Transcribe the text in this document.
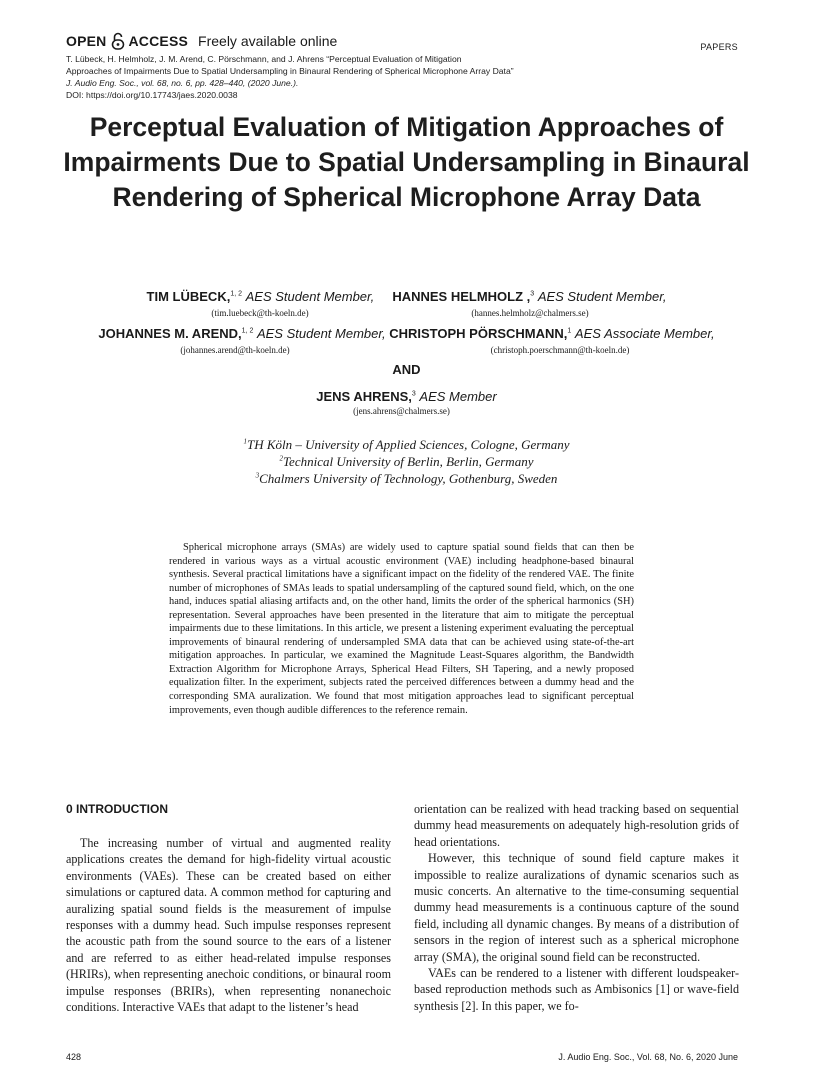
OPEN ACCESS Freely available online	PAPERS
T. Lübeck, H. Helmholz, J. M. Arend, C. Pörschmann, and J. Ahrens “Perceptual Evaluation of Mitigation
Approaches of Impairments Due to Spatial Undersampling in Binaural Rendering of Spherical Microphone Array Data”
J. Audio Eng. Soc., vol. 68, no. 6, pp. 428–440, (2020 June.).
DOI: https://doi.org/10.17743/jaes.2020.0038
Perceptual Evaluation of Mitigation Approaches of Impairments Due to Spatial Undersampling in Binaural Rendering of Spherical Microphone Array Data
TIM LÜBECK,$^{1, 2}$ AES Student Member, HANNES HELMHOLZ ,$^3$ AES Student Member,
(tim.luebeck@th-koeln.de)	(hannes.helmholz@chalmers.se)
JOHANNES M. AREND,$^{1, 2}$ AES Student Member, CHRISTOPH PÖRSCHMANN,$^1$ AES Associate Member,
(johannes.arend@th-koeln.de)	(christoph.poerschmann@th-koeln.de)
AND
JENS AHRENS,$^3$ AES Member
(jens.ahrens@chalmers.se)
$^1$TH Köln – University of Applied Sciences, Cologne, Germany
$^2$Technical University of Berlin, Berlin, Germany
$^3$Chalmers University of Technology, Gothenburg, Sweden

Spherical microphone arrays (SMAs) are widely used to capture spatial sound fields that can then be rendered in various ways as a virtual acoustic environment (VAE) including headphone-based binaural synthesis. Several practical limitations have a significant impact on the fidelity of the rendered VAE. The finite number of microphones of SMAs leads to spatial undersampling of the captured sound field, which, on the one hand, induces spatial aliasing artifacts and, on the other hand, limits the order of the spherical harmonics (SH) representation. Several approaches have been presented in the literature that aim to mitigate the perceptual impairments due to these limitations. In this article, we present a listening experiment evaluating the perceptual improvements of binaural rendering of undersampled SMA data that can be achieved using state-of-the-art mitigation approaches. In particular, we examined the Magnitude Least-Squares algorithm, the Bandwidth Extraction Algorithm for Microphone Arrays, Spherical Head Filters, SH Tapering, and a newly proposed equalization filter. In the experiment, subjects rated the perceived differences between a dummy head and the corresponding SMA auralization. We found that most mitigation approaches lead to significant perceptual improvements, even though audible differences to the reference remain.

0 INTRODUCTION

The increasing number of virtual and augmented reality applications creates the demand for high-fidelity virtual acoustic environments (VAEs). These can be created based on either simulations or captured data. A common method for capturing and auralizing spatial sound fields is the measurement of impulse responses with a dummy head. Such impulse responses represent the acoustic path from the sound source to the ears of a listener and are referred to as either head-related impulse responses (HRIRs), when representing anechoic conditions, or binaural room impulse responses (BRIRs), when representing nonanechoic conditions. Interactive VAEs that adapt to the listener’s head

orientation can be realized with head tracking based on sequential dummy head measurements on adequately high-resolution grids of head orientations.

However, this technique of sound field capture makes it impossible to realize auralizations of dynamic scenarios such as music concerts. An alternative to the time-consuming sequential dummy head measurements is a continuous capture of the sound field, including all dynamic changes. By means of a distribution of sensors in the region of interest such as a spherical microphone array (SMA), the original sound field can be reconstructed.

VAEs can be rendered to a listener with different loudspeaker-based reproduction methods such as Ambisonics [1] or wave-field synthesis [2]. In this paper, we fo-

428	J. Audio Eng. Soc., Vol. 68, No. 6, 2020 June
